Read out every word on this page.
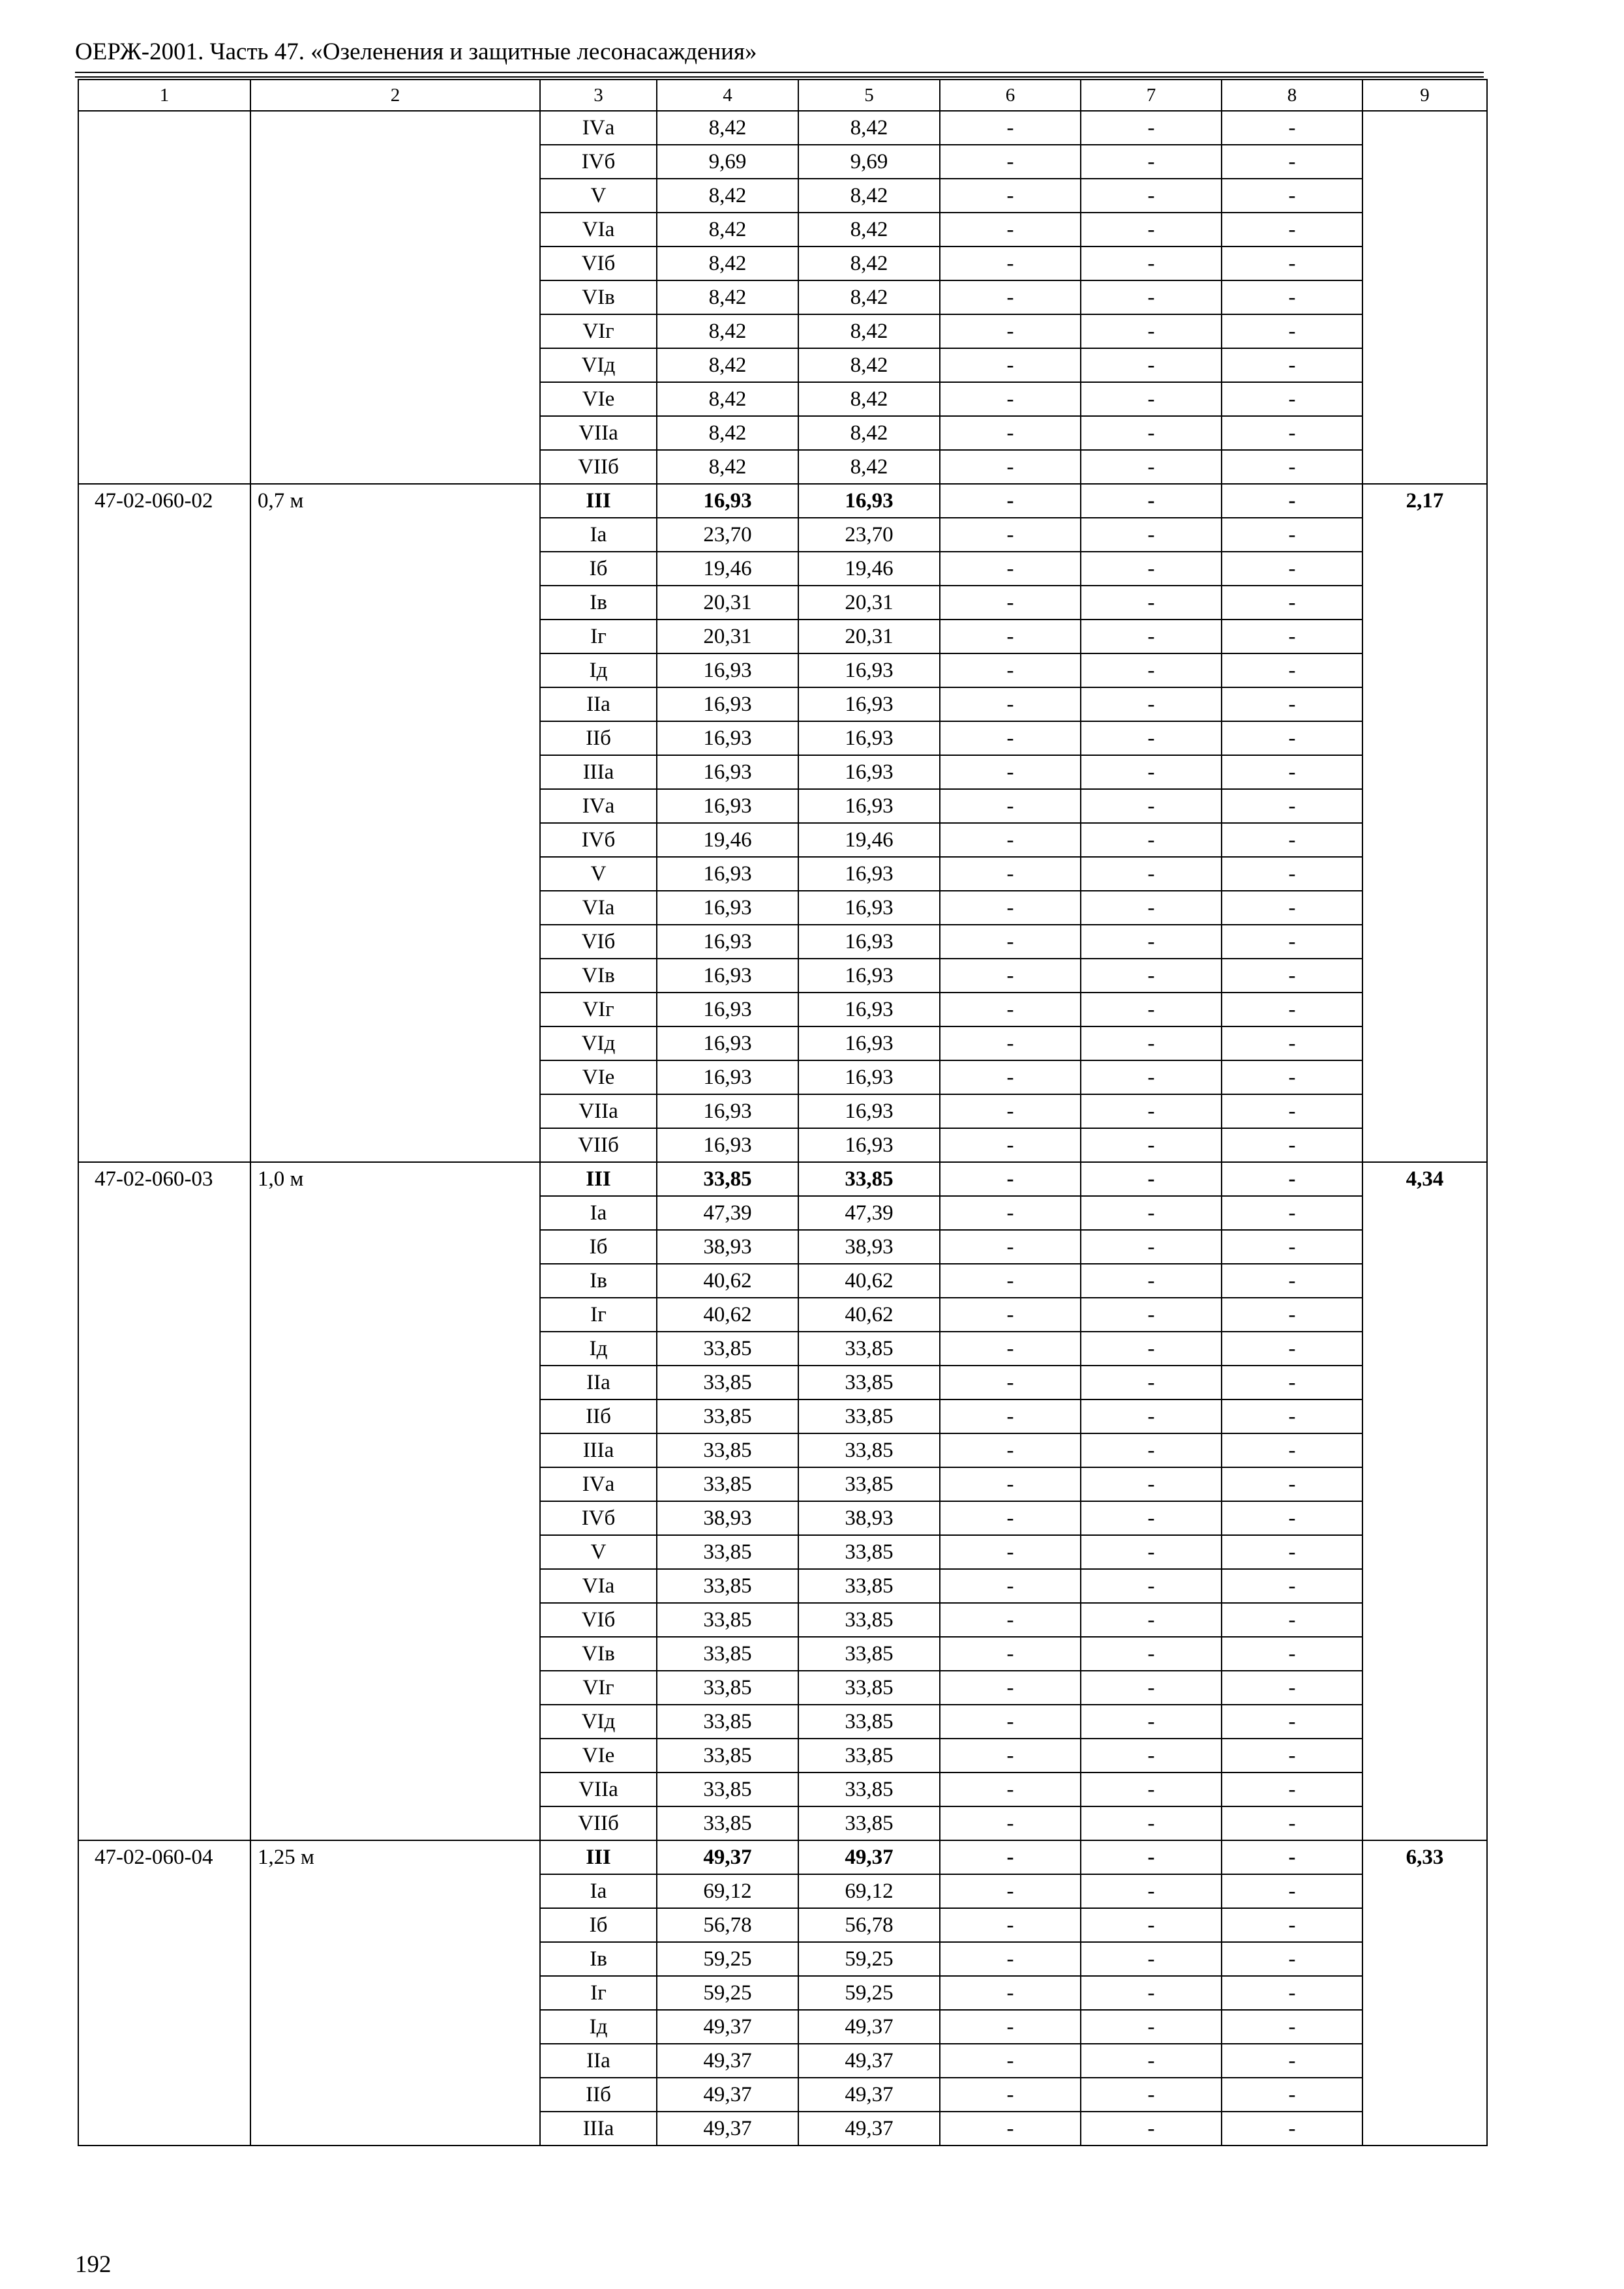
ОЕРЖ-2001. Часть 47. «Озеленения и защитные лесонасаждения»
1	2	3	4	5	6	7	8	9
		IVа	8,42	8,42	-	-	-	
		IVб	9,69	9,69	-	-	-	
		V	8,42	8,42	-	-	-	
		VIа	8,42	8,42	-	-	-	
		VIб	8,42	8,42	-	-	-	
		VIв	8,42	8,42	-	-	-	
		VIг	8,42	8,42	-	-	-	
		VIд	8,42	8,42	-	-	-	
		VIе	8,42	8,42	-	-	-	
		VIIа	8,42	8,42	-	-	-	
		VIIб	8,42	8,42	-	-	-	
47-02-060-02	0,7 м	III	16,93	16,93	-	-	-	2,17
		Iа	23,70	23,70	-	-	-	
		Iб	19,46	19,46	-	-	-	
		Iв	20,31	20,31	-	-	-	
		Iг	20,31	20,31	-	-	-	
		Iд	16,93	16,93	-	-	-	
		IIа	16,93	16,93	-	-	-	
		IIб	16,93	16,93	-	-	-	
		IIIа	16,93	16,93	-	-	-	
		IVа	16,93	16,93	-	-	-	
		IVб	19,46	19,46	-	-	-	
		V	16,93	16,93	-	-	-	
		VIа	16,93	16,93	-	-	-	
		VIб	16,93	16,93	-	-	-	
		VIв	16,93	16,93	-	-	-	
		VIг	16,93	16,93	-	-	-	
		VIд	16,93	16,93	-	-	-	
		VIе	16,93	16,93	-	-	-	
		VIIа	16,93	16,93	-	-	-	
		VIIб	16,93	16,93	-	-	-	
47-02-060-03	1,0 м	III	33,85	33,85	-	-	-	4,34
		Iа	47,39	47,39	-	-	-	
		Iб	38,93	38,93	-	-	-	
		Iв	40,62	40,62	-	-	-	
		Iг	40,62	40,62	-	-	-	
		Iд	33,85	33,85	-	-	-	
		IIа	33,85	33,85	-	-	-	
		IIб	33,85	33,85	-	-	-	
		IIIа	33,85	33,85	-	-	-	
		IVа	33,85	33,85	-	-	-	
		IVб	38,93	38,93	-	-	-	
		V	33,85	33,85	-	-	-	
		VIа	33,85	33,85	-	-	-	
		VIб	33,85	33,85	-	-	-	
		VIв	33,85	33,85	-	-	-	
		VIг	33,85	33,85	-	-	-	
		VIд	33,85	33,85	-	-	-	
		VIе	33,85	33,85	-	-	-	
		VIIа	33,85	33,85	-	-	-	
		VIIб	33,85	33,85	-	-	-	
47-02-060-04	1,25 м	III	49,37	49,37	-	-	-	6,33
		Iа	69,12	69,12	-	-	-	
		Iб	56,78	56,78	-	-	-	
		Iв	59,25	59,25	-	-	-	
		Iг	59,25	59,25	-	-	-	
		Iд	49,37	49,37	-	-	-	
		IIа	49,37	49,37	-	-	-	
		IIб	49,37	49,37	-	-	-	
		IIIа	49,37	49,37	-	-	-	
192
